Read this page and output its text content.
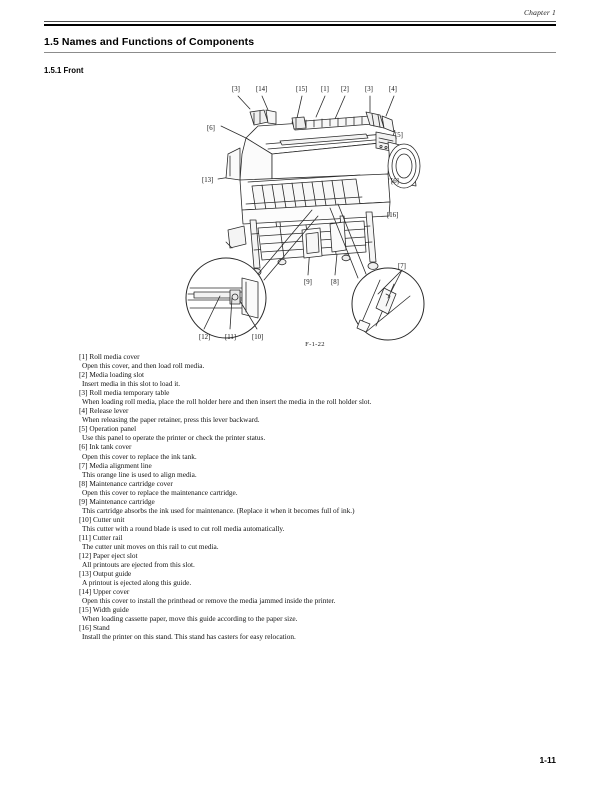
Chapter 1
1.5 Names and Functions of Components
1.5.1 Front
[3] [14]	[15] [1] [2] [3] [4]
[6]
[5]
[6]
[13]
[16]
[9]	[8]
[7]
[12] [11] [10]
F-1-22
[1] Roll media cover
Open this cover, and then load roll media.
[2] Media loading slot
Insert media in this slot to load it.
[3] Roll media temporary table
When loading roll media, place the roll holder here and then insert the media in the roll holder slot.
[4] Release lever
When releasing the paper retainer, press this lever backward.
[5] Operation panel
Use this panel to operate the printer or check the printer status.
[6] Ink tank cover
Open this cover to replace the ink tank.
[7] Media alignment line
This orange line is used to align media.
[8] Maintenance cartridge cover
Open this cover to replace the maintenance cartridge.
[9] Maintenance cartridge
This cartridge absorbs the ink used for maintenance. (Replace it when it becomes full of ink.)
[10] Cutter unit
This cutter with a round blade is used to cut roll media automatically.
[11] Cutter rail
The cutter unit moves on this rail to cut media.
[12] Paper eject slot
All printouts are ejected from this slot.
[13] Output guide
A printout is ejected along this guide.
[14] Upper cover
Open this cover to install the printhead or remove the media jammed inside the printer.
[15] Width guide
When loading cassette paper, move this guide according to the paper size.
[16] Stand
Install the printer on this stand. This stand has casters for easy relocation.
1-11
